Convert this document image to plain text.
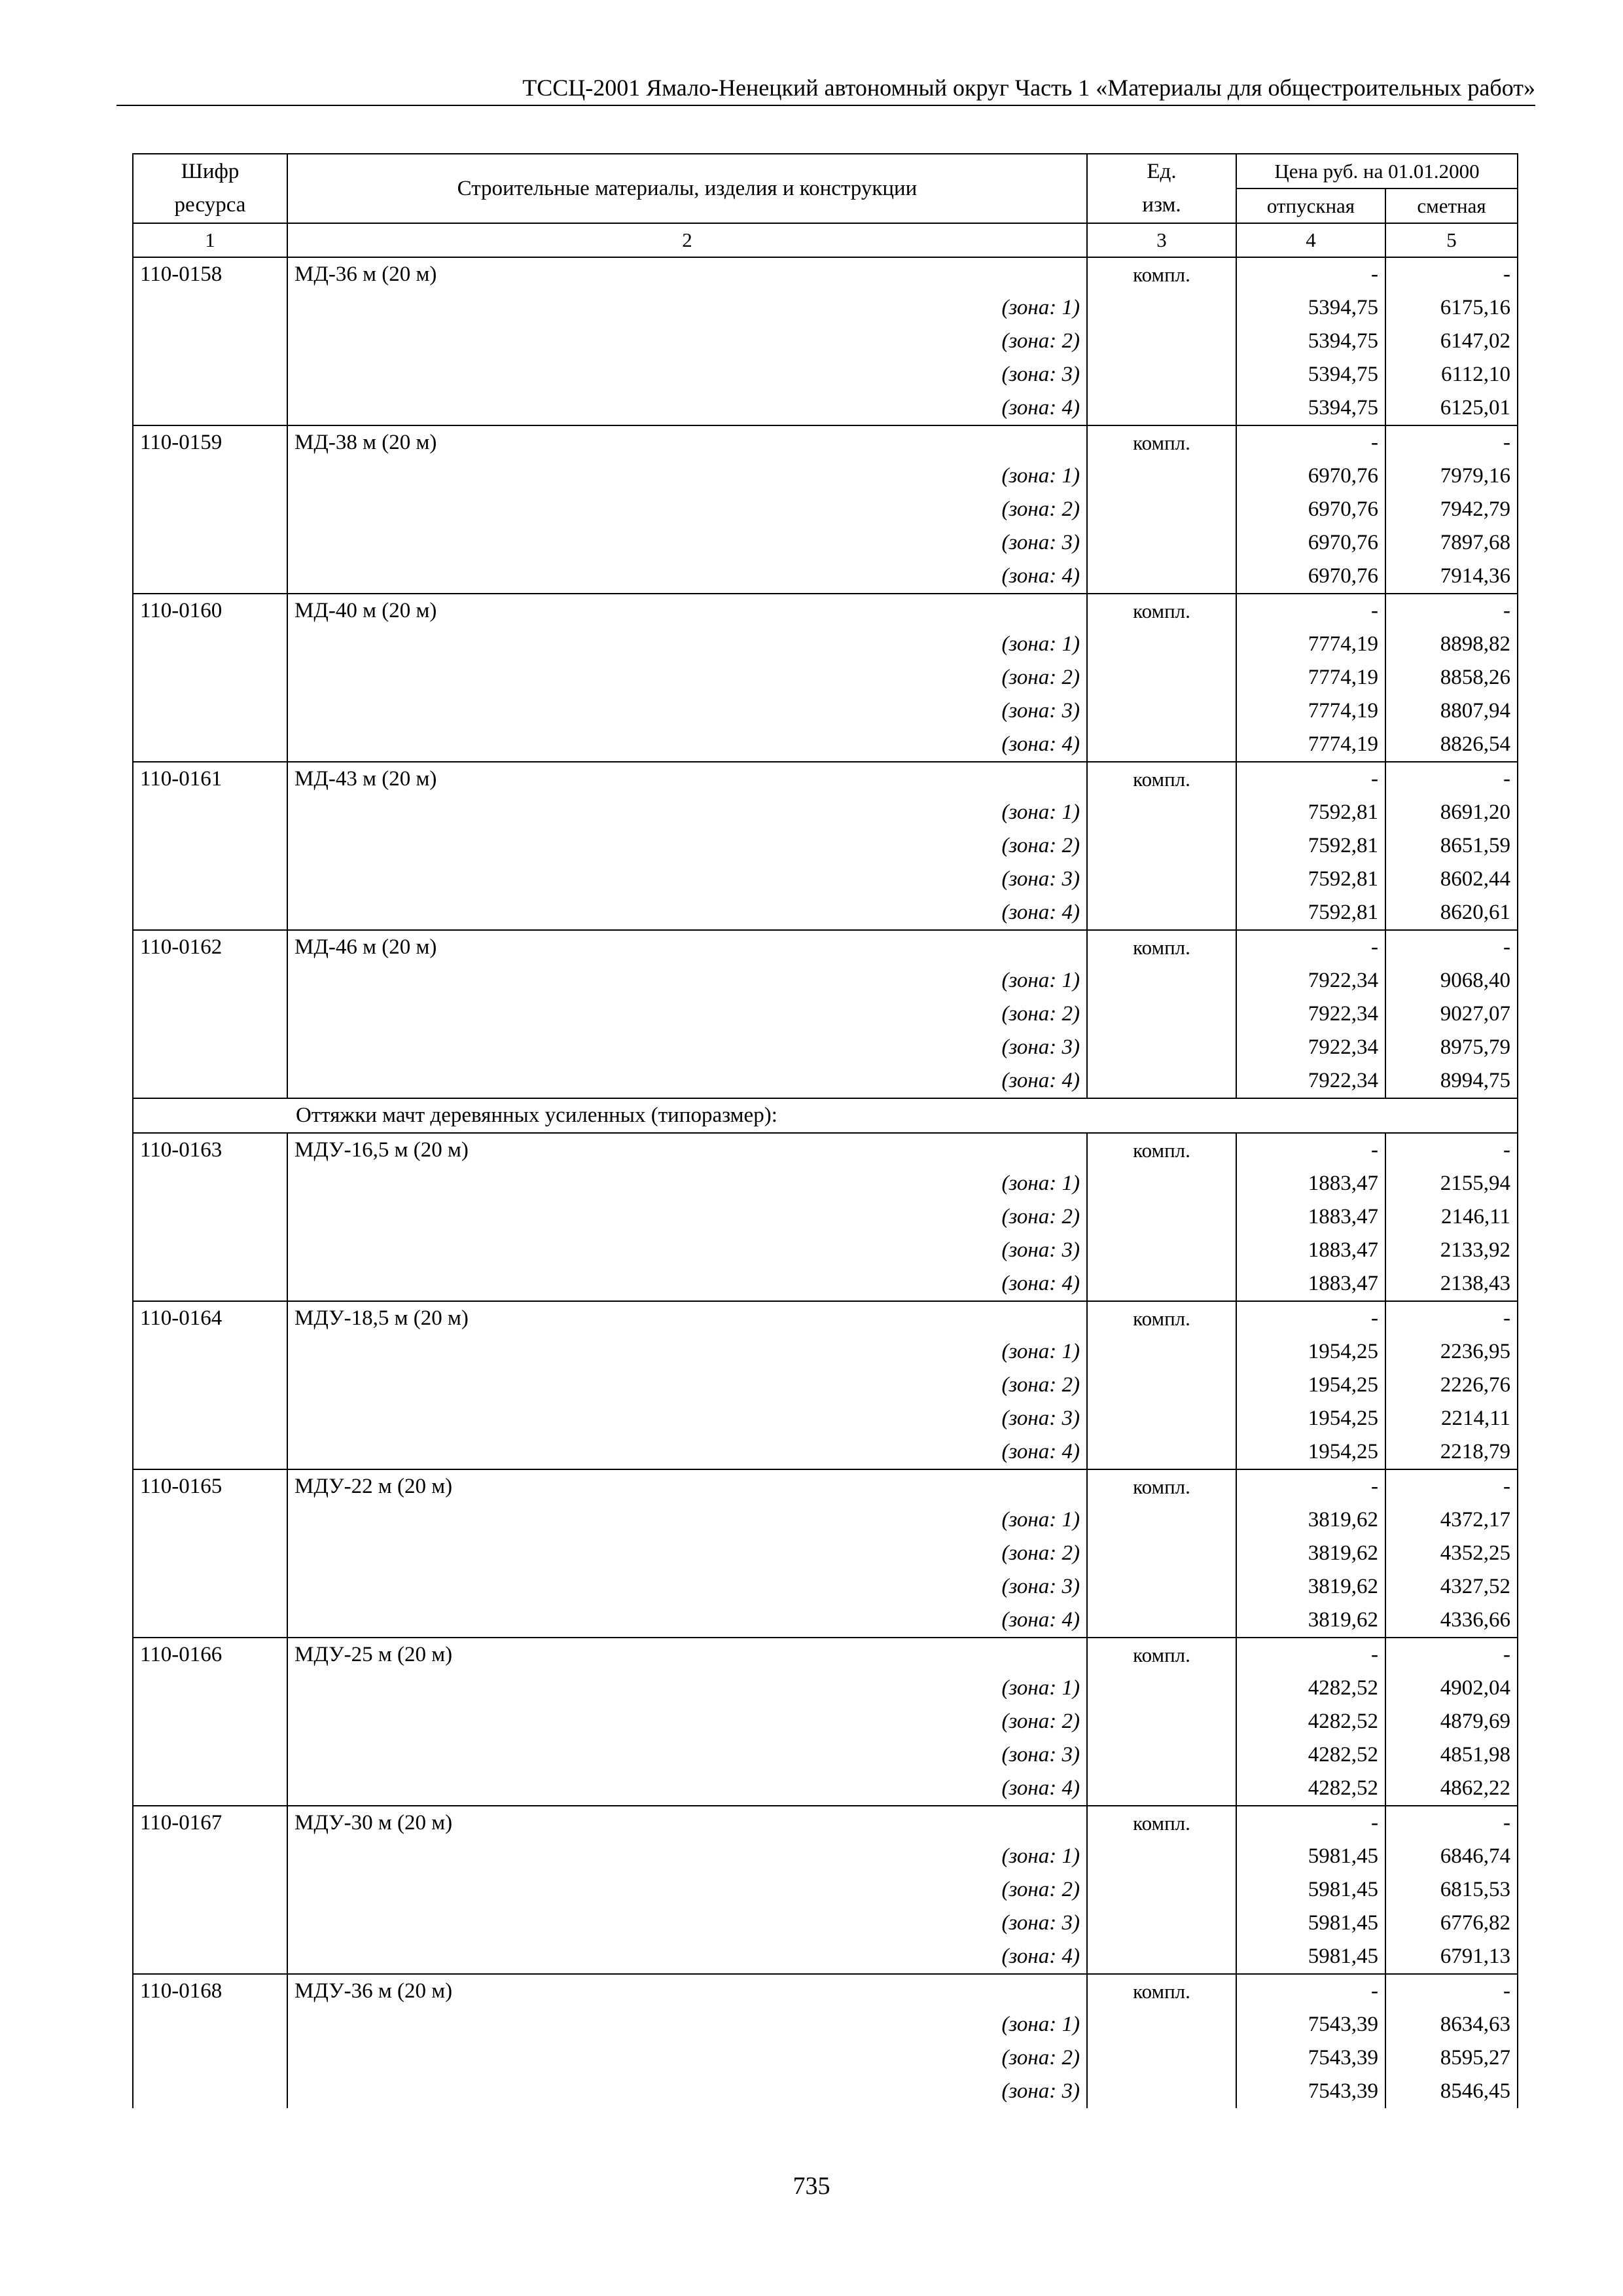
ТССЦ-2001 Ямало-Ненецкий автономный округ Часть 1 «Материалы для общестроительных работ»
Шифр ресурса	Строительные материалы, изделия и конструкции	Ед. изм.	Цена руб. на 01.01.2000	
			отпускная	сметная
1	2	3	4	5
110-0158	МД-36 м (20 м)	компл.	-	-
	(зона: 1)		5394,75	6175,16
	(зона: 2)		5394,75	6147,02
	(зона: 3)		5394,75	6112,10
	(зона: 4)		5394,75	6125,01
110-0159	МД-38 м (20 м)	компл.	-	-
	(зона: 1)		6970,76	7979,16
	(зона: 2)		6970,76	7942,79
	(зона: 3)		6970,76	7897,68
	(зона: 4)		6970,76	7914,36
110-0160	МД-40 м (20 м)	компл.	-	-
	(зона: 1)		7774,19	8898,82
	(зона: 2)		7774,19	8858,26
	(зона: 3)		7774,19	8807,94
	(зона: 4)		7774,19	8826,54
110-0161	МД-43 м (20 м)	компл.	-	-
	(зона: 1)		7592,81	8691,20
	(зона: 2)		7592,81	8651,59
	(зона: 3)		7592,81	8602,44
	(зона: 4)		7592,81	8620,61
110-0162	МД-46 м (20 м)	компл.	-	-
	(зона: 1)		7922,34	9068,40
	(зона: 2)		7922,34	9027,07
	(зона: 3)		7922,34	8975,79
	(зона: 4)		7922,34	8994,75
Оттяжки мачт деревянных усиленных (типоразмер):				
110-0163	МДУ-16,5 м (20 м)	компл.	-	-
	(зона: 1)		1883,47	2155,94
	(зона: 2)		1883,47	2146,11
	(зона: 3)		1883,47	2133,92
	(зона: 4)		1883,47	2138,43
110-0164	МДУ-18,5 м (20 м)	компл.	-	-
	(зона: 1)		1954,25	2236,95
	(зона: 2)		1954,25	2226,76
	(зона: 3)		1954,25	2214,11
	(зона: 4)		1954,25	2218,79
110-0165	МДУ-22 м (20 м)	компл.	-	-
	(зона: 1)		3819,62	4372,17
	(зона: 2)		3819,62	4352,25
	(зона: 3)		3819,62	4327,52
	(зона: 4)		3819,62	4336,66
110-0166	МДУ-25 м (20 м)	компл.	-	-
	(зона: 1)		4282,52	4902,04
	(зона: 2)		4282,52	4879,69
	(зона: 3)		4282,52	4851,98
	(зона: 4)		4282,52	4862,22
110-0167	МДУ-30 м (20 м)	компл.	-	-
	(зона: 1)		5981,45	6846,74
	(зона: 2)		5981,45	6815,53
	(зона: 3)		5981,45	6776,82
	(зона: 4)		5981,45	6791,13
110-0168	МДУ-36 м (20 м)	компл.	-	-
	(зона: 1)		7543,39	8634,63
	(зона: 2)		7543,39	8595,27
	(зона: 3)		7543,39	8546,45
735
